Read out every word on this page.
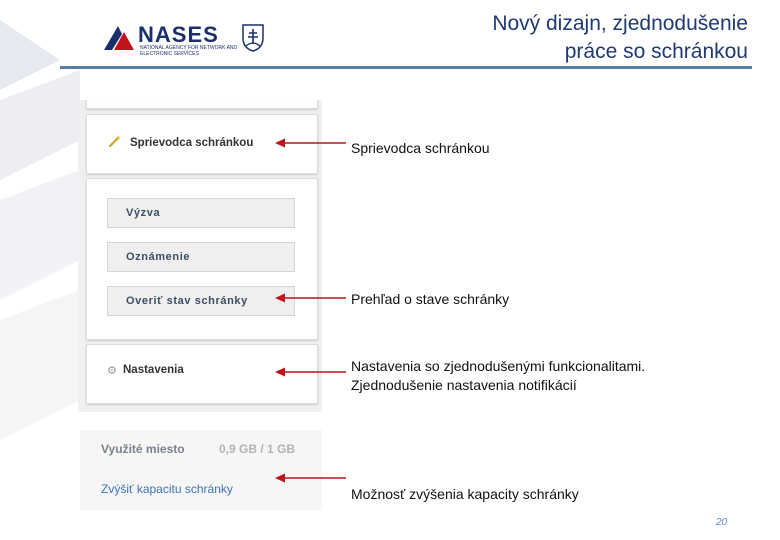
NASES
NATIONAL AGENCY FOR NETWORK AND ELECTRONIC SERVICES
Nový dizajn, zjednodušenie
práce so schránkou
Sprievodca schránkou
Výzva
Oznámenie
Overiť stav schránky
⚙ Nastavenia
Využité miesto	0,9 GB / 1 GB
Zvýšiť kapacitu schránky
Sprievodca schránkou
Prehľad o stave schránky
Nastavenia so zjednodušenými funkcionalitami.
Zjednodušenie nastavenia notifikácií
Možnosť zvýšenia kapacity schránky
20
